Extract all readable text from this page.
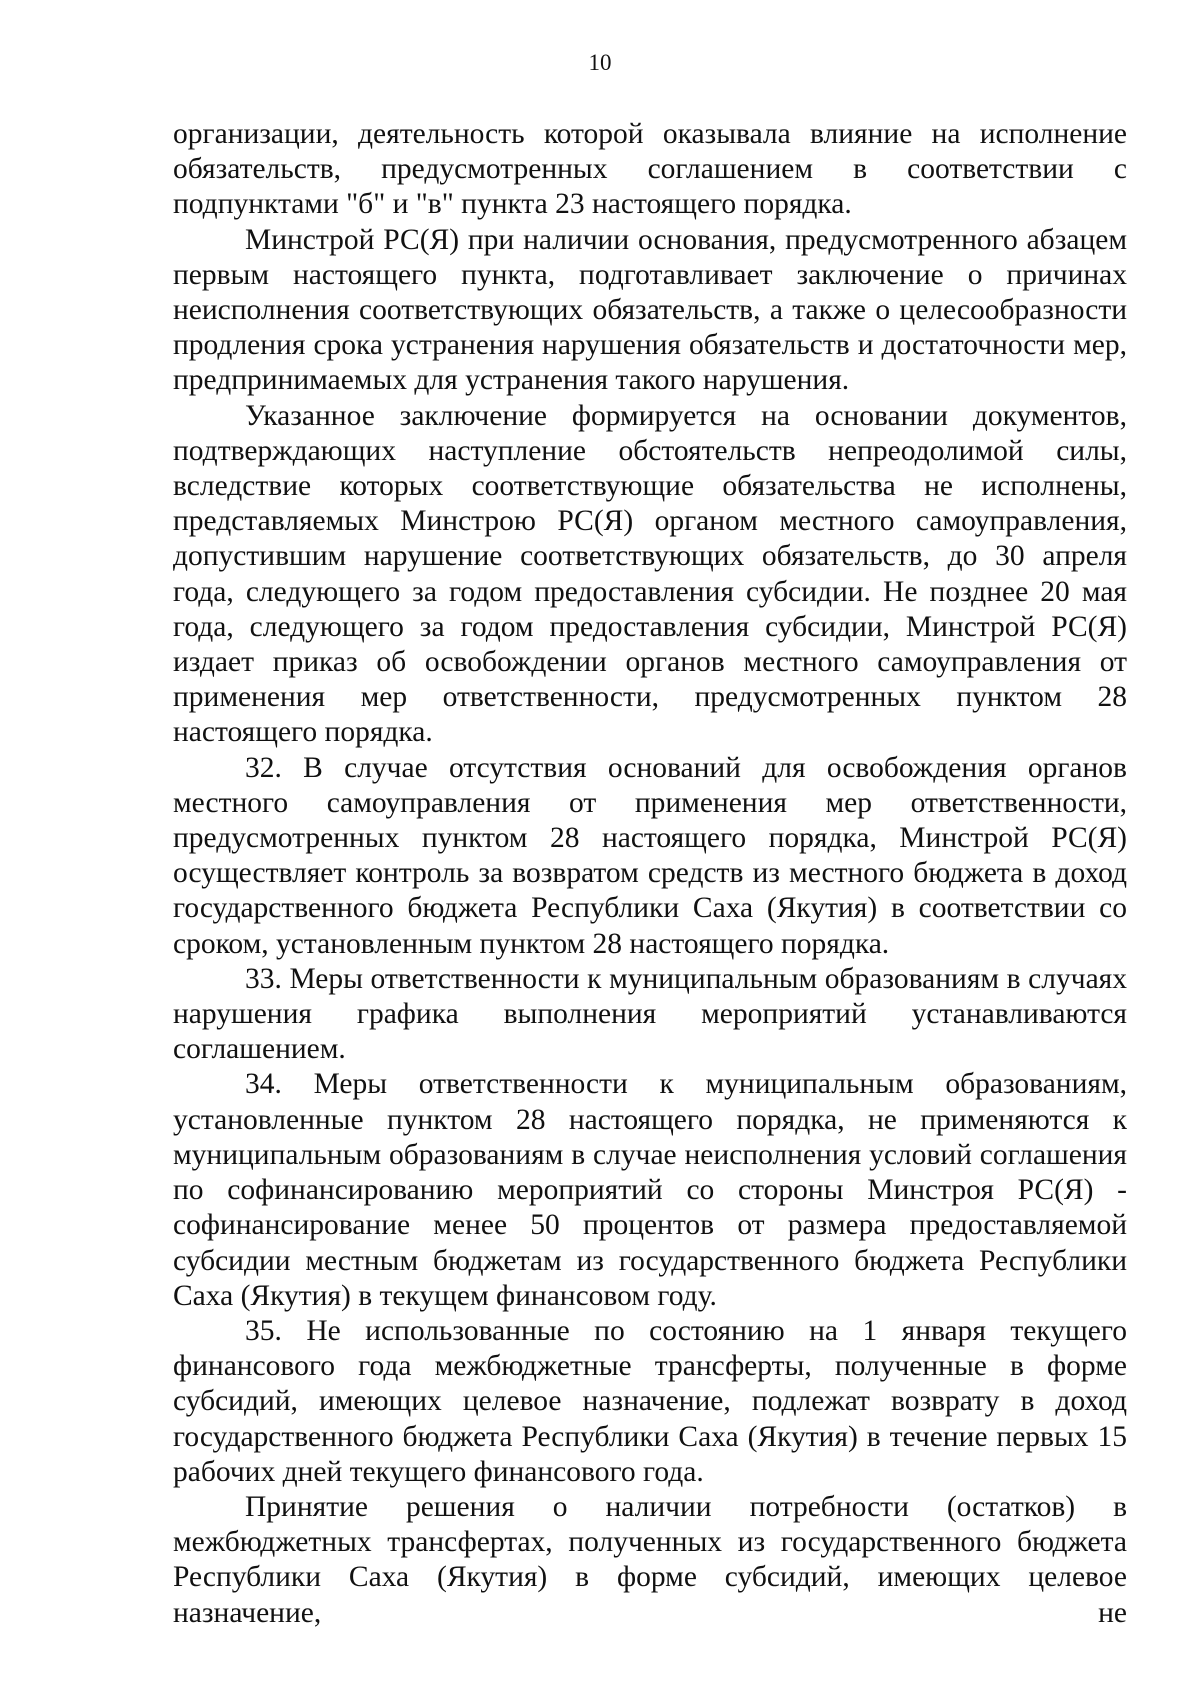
10

организации, деятельность которой оказывала влияние на исполнение обязательств, предусмотренных соглашением в соответствии с подпунктами "б" и "в" пункта 23 настоящего порядка.

Минстрой РС(Я) при наличии основания, предусмотренного абзацем первым настоящего пункта, подготавливает заключение о причинах неисполнения соответствующих обязательств, а также о целесообразности продления срока устранения нарушения обязательств и достаточности мер, предпринимаемых для устранения такого нарушения.

Указанное заключение формируется на основании документов, подтверждающих наступление обстоятельств непреодолимой силы, вследствие которых соответствующие обязательства не исполнены, представляемых Минстрою РС(Я) органом местного самоуправления, допустившим нарушение соответствующих обязательств, до 30 апреля года, следующего за годом предоставления субсидии. Не позднее 20 мая года, следующего за годом предоставления субсидии, Минстрой РС(Я) издает приказ об освобождении органов местного самоуправления от применения мер ответственности, предусмотренных пунктом 28 настоящего порядка.

32. В случае отсутствия оснований для освобождения органов местного самоуправления от применения мер ответственности, предусмотренных пунктом 28 настоящего порядка, Минстрой РС(Я) осуществляет контроль за возвратом средств из местного бюджета в доход государственного бюджета Республики Саха (Якутия) в соответствии со сроком, установленным пунктом 28 настоящего порядка.

33. Меры ответственности к муниципальным образованиям в случаях нарушения графика выполнения мероприятий устанавливаются соглашением.

34. Меры ответственности к муниципальным образованиям, установленные пунктом 28 настоящего порядка, не применяются к муниципальным образованиям в случае неисполнения условий соглашения по софинансированию мероприятий со стороны Минстроя РС(Я) - софинансирование менее 50 процентов от размера предоставляемой субсидии местным бюджетам из государственного бюджета Республики Саха (Якутия) в текущем финансовом году.

35. Не использованные по состоянию на 1 января текущего финансового года межбюджетные трансферты, полученные в форме субсидий, имеющих целевое назначение, подлежат возврату в доход государственного бюджета Республики Саха (Якутия) в течение первых 15 рабочих дней текущего финансового года.

Принятие решения о наличии потребности (остатков) в межбюджетных трансфертах, полученных из государственного бюджета Республики Саха (Якутия) в форме субсидий, имеющих целевое назначение, не
